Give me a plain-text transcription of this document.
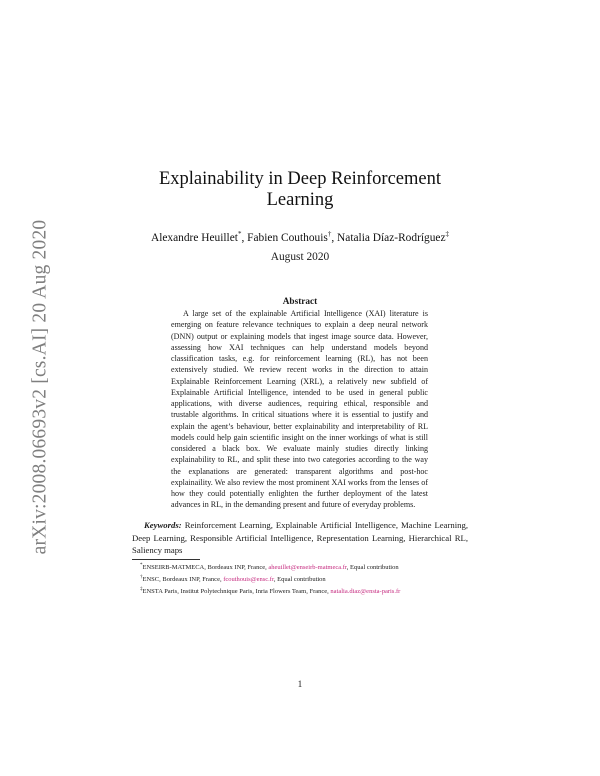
arXiv:2008.06693v2 [cs.AI] 20 Aug 2020
Explainability in Deep Reinforcement Learning
Alexandre Heuillet*, Fabien Couthouis†, Natalia Díaz-Rodríguez‡
August 2020
Abstract

A large set of the explainable Artificial Intelligence (XAI) literature is emerging on feature relevance techniques to explain a deep neural network (DNN) output or explaining models that ingest image source data. However, assessing how XAI techniques can help understand models beyond classification tasks, e.g. for reinforcement learning (RL), has not been extensively studied. We review recent works in the direction to attain Explainable Reinforcement Learning (XRL), a relatively new subfield of Explainable Artificial Intelligence, intended to be used in general public applications, with diverse audiences, requiring ethical, responsible and trustable algorithms. In critical situations where it is essential to justify and explain the agent’s behaviour, better explainability and interpretability of RL models could help gain scientific insight on the inner workings of what is still considered a black box. We evaluate mainly studies directly linking explainability to RL, and split these into two categories according to the way the explanations are generated: transparent algorithms and post-hoc explainaility. We also review the most prominent XAI works from the lenses of how they could potentially enlighten the further deployment of the latest advances in RL, in the demanding present and future of everyday problems.

Keywords: Reinforcement Learning, Explainable Artificial Intelligence, Machine Learning, Deep Learning, Responsible Artificial Intelligence, Representation Learning, Hierarchical RL, Saliency maps

*ENSEIRB-MATMECA, Bordeaux INP, France, aheuillet@enseirb-matmeca.fr, Equal contribution

†ENSC, Bordeaux INP, France, fcouthouis@ensc.fr, Equal contribution

‡ENSTA Paris, Institut Polytechnique Paris, Inria Flowers Team, France, natalia.diaz@ensta-paris.fr

1
